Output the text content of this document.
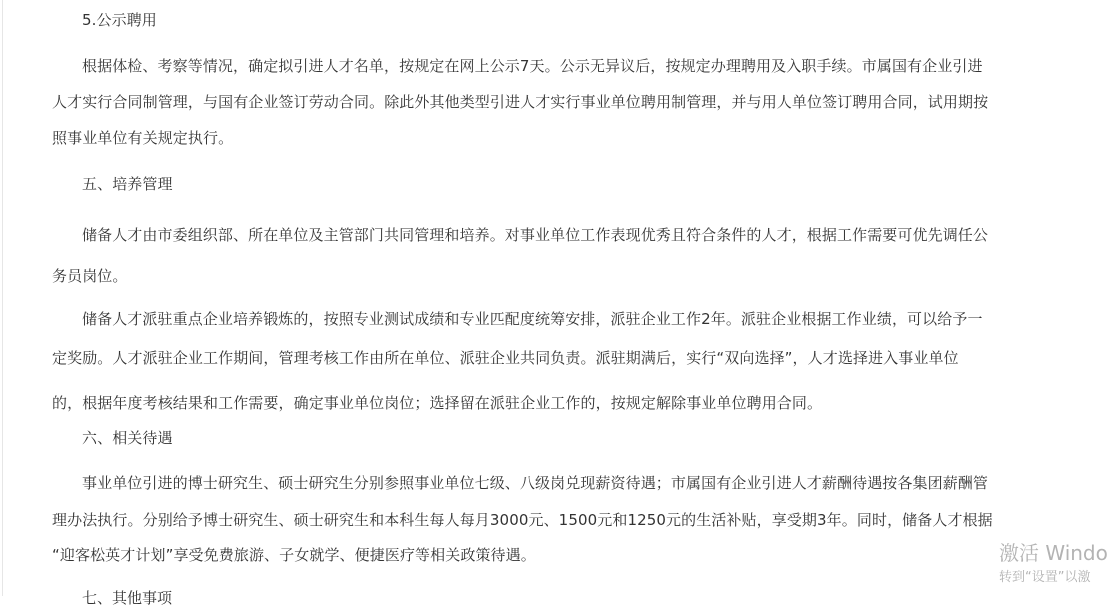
5.公示聘用
根据体检、考察等情况，确定拟引进人才名单，按规定在网上公示7天。公示无异议后，按规定办理聘用及入职手续。市属国有企业引进
人才实行合同制管理，与国有企业签订劳动合同。除此外其他类型引进人才实行事业单位聘用制管理，并与用人单位签订聘用合同，试用期按
照事业单位有关规定执行。
五、培养管理
储备人才由市委组织部、所在单位及主管部门共同管理和培养。对事业单位工作表现优秀且符合条件的人才，根据工作需要可优先调任公
务员岗位。
储备人才派驻重点企业培养锻炼的，按照专业测试成绩和专业匹配度统筹安排，派驻企业工作2年。派驻企业根据工作业绩，可以给予一
定奖励。人才派驻企业工作期间，管理考核工作由所在单位、派驻企业共同负责。派驻期满后，实行“双向选择”，人才选择进入事业单位
的，根据年度考核结果和工作需要，确定事业单位岗位；选择留在派驻企业工作的，按规定解除事业单位聘用合同。
六、相关待遇
事业单位引进的博士研究生、硕士研究生分别参照事业单位七级、八级岗兑现薪资待遇；市属国有企业引进人才薪酬待遇按各集团薪酬管
理办法执行。分别给予博士研究生、硕士研究生和本科生每人每月3000元、1500元和1250元的生活补贴，享受期3年。同时，储备人才根据
“迎客松英才计划”享受免费旅游、子女就学、便捷医疗等相关政策待遇。
七、其他事项
激活 Windo
转到“设置”以激
